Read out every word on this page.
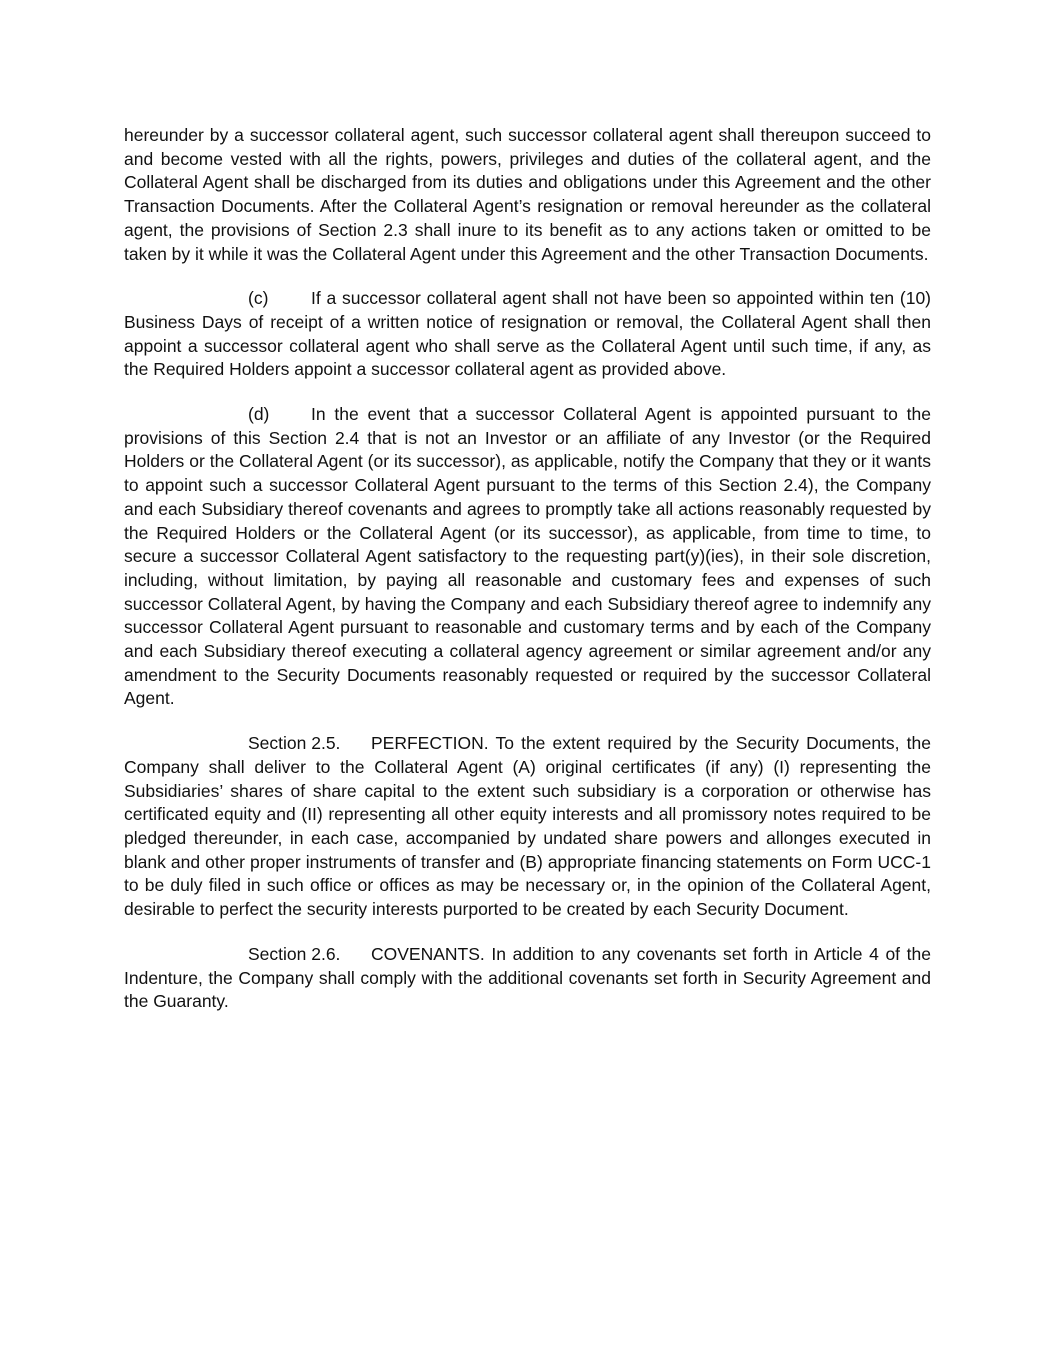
hereunder by a successor collateral agent, such successor collateral agent shall thereupon succeed to and become vested with all the rights, powers, privileges and duties of the collateral agent, and the Collateral Agent shall be discharged from its duties and obligations under this Agreement and the other Transaction Documents. After the Collateral Agent’s resignation or removal hereunder as the collateral agent, the provisions of Section 2.3 shall inure to its benefit as to any actions taken or omitted to be taken by it while it was the Collateral Agent under this Agreement and the other Transaction Documents.

(c) If a successor collateral agent shall not have been so appointed within ten (10) Business Days of receipt of a written notice of resignation or removal, the Collateral Agent shall then appoint a successor collateral agent who shall serve as the Collateral Agent until such time, if any, as the Required Holders appoint a successor collateral agent as provided above.

(d) In the event that a successor Collateral Agent is appointed pursuant to the provisions of this Section 2.4 that is not an Investor or an affiliate of any Investor (or the Required Holders or the Collateral Agent (or its successor), as applicable, notify the Company that they or it wants to appoint such a successor Collateral Agent pursuant to the terms of this Section 2.4), the Company and each Subsidiary thereof covenants and agrees to promptly take all actions reasonably requested by the Required Holders or the Collateral Agent (or its successor), as applicable, from time to time, to secure a successor Collateral Agent satisfactory to the requesting part(y)(ies), in their sole discretion, including, without limitation, by paying all reasonable and customary fees and expenses of such successor Collateral Agent, by having the Company and each Subsidiary thereof agree to indemnify any successor Collateral Agent pursuant to reasonable and customary terms and by each of the Company and each Subsidiary thereof executing a collateral agency agreement or similar agreement and/or any amendment to the Security Documents reasonably requested or required by the successor Collateral Agent.

Section 2.5. PERFECTION. To the extent required by the Security Documents, the Company shall deliver to the Collateral Agent (A) original certificates (if any) (I) representing the Subsidiaries’ shares of share capital to the extent such subsidiary is a corporation or otherwise has certificated equity and (II) representing all other equity interests and all promissory notes required to be pledged thereunder, in each case, accompanied by undated share powers and allonges executed in blank and other proper instruments of transfer and (B) appropriate financing statements on Form UCC-1 to be duly filed in such office or offices as may be necessary or, in the opinion of the Collateral Agent, desirable to perfect the security interests purported to be created by each Security Document.

Section 2.6. COVENANTS. In addition to any covenants set forth in Article 4 of the Indenture, the Company shall comply with the additional covenants set forth in Security Agreement and the Guaranty.
